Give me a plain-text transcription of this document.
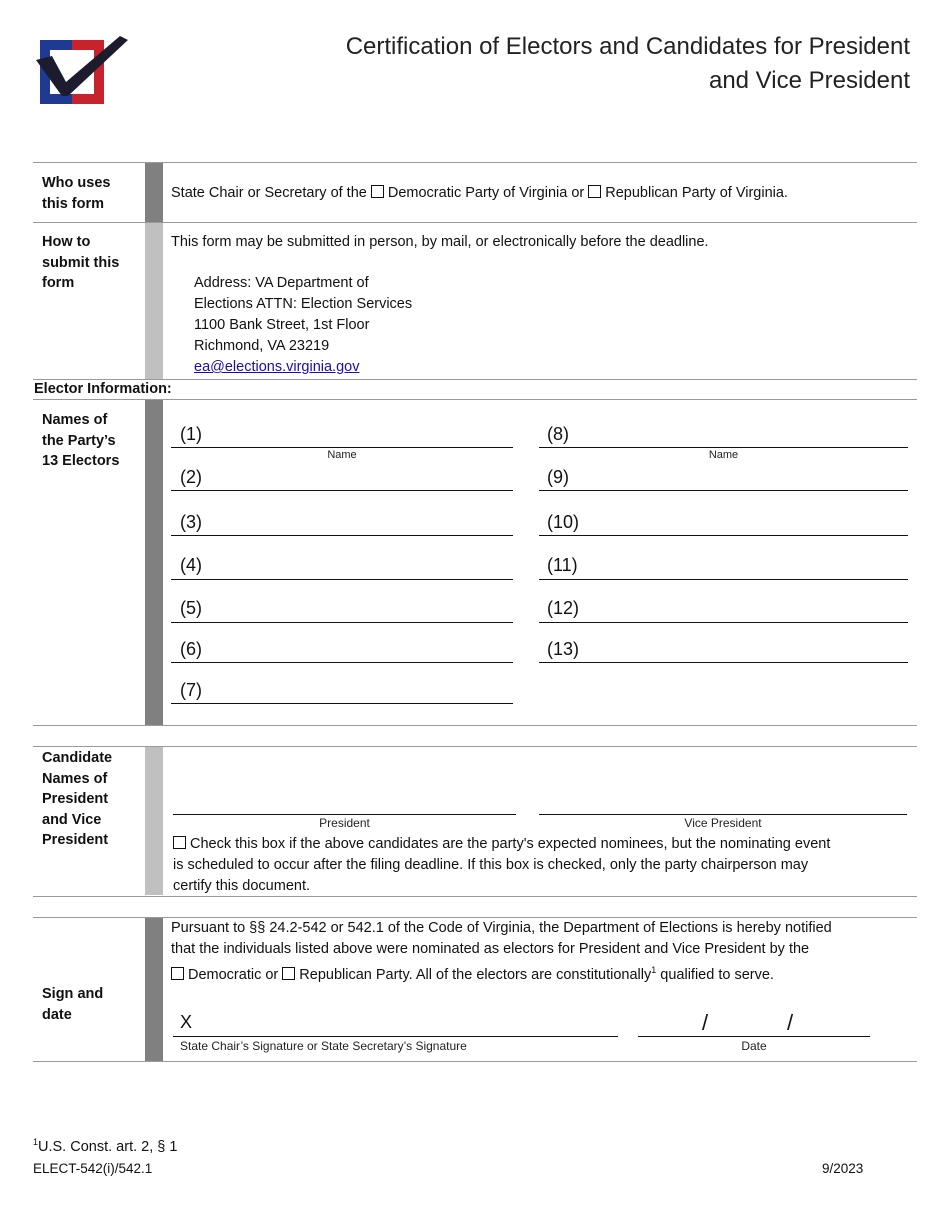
Certification of Electors and Candidates for President
and Vice President
Who uses
this form
State Chair or Secretary of the Democratic Party of Virginia or Republican Party of Virginia.
How to
submit this
form
This form may be submitted in person, by mail, or electronically before the deadline.
Address: VA Department of
Elections ATTN: Election Services
1100 Bank Street, 1st Floor
Richmond, VA 23219
ea@elections.virginia.gov
Elector Information:
Names of
the Party’s
13 Electors
(1)
Name
(2)
(3)
(4)
(5)
(6)
(7)
(8)
Name
(9)
(10)
(11)
(12)
(13)
Candidate
Names of
President
and Vice
President
President	Vice President
Check this box if the above candidates are the party's expected nominees, but the nominating event
is scheduled to occur after the filing deadline. If this box is checked, only the party chairperson may
certify this document.
Sign and
date
Pursuant to §§ 24.2-542 or 542.1 of the Code of Virginia, the Department of Elections is hereby notified
that the individuals listed above were nominated as electors for President and Vice President by the
Democratic or Republican Party. All of the electors are constitutionally$^1$ qualified to serve.
X
State Chair’s Signature or State Secretary’s Signature
/	/
Date
$^1$U.S. Const. art. 2, § 1
ELECT-542(i)/542.1	9/2023
